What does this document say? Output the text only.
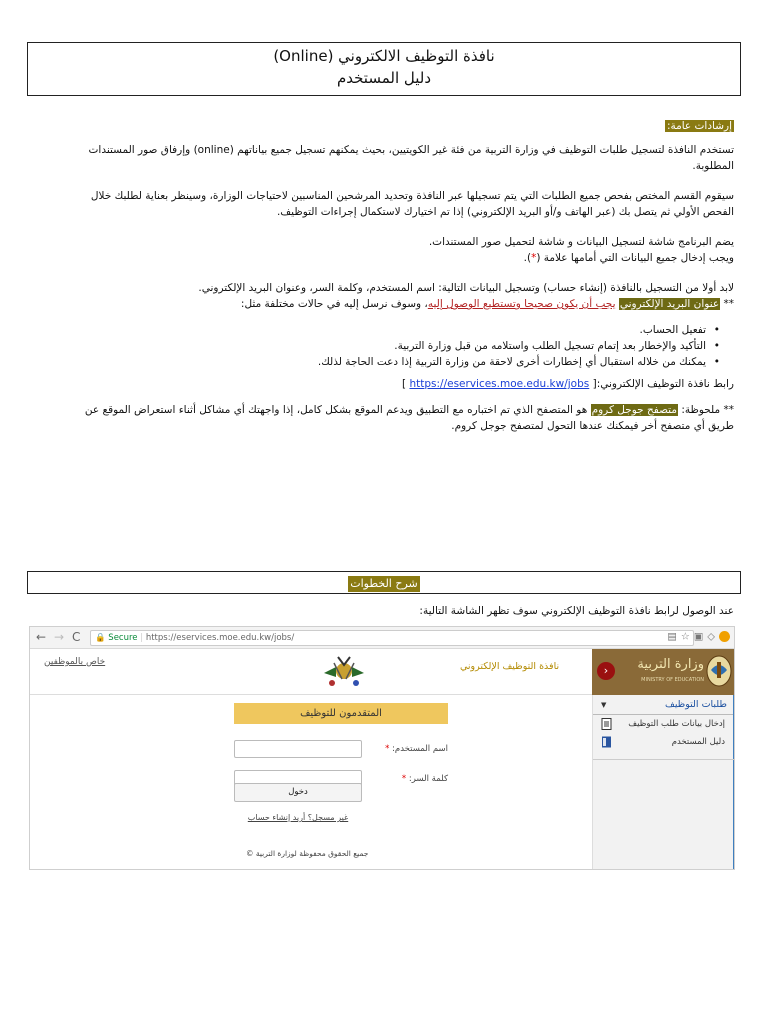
نافذة التوظيف الالكتروني (Online)
دليل المستخدم
إرشادات عامة:
تستخدم النافذة لتسجيل طلبات التوظيف في وزارة التربية من فئة غير الكويتيين، بحيث يمكنهم تسجيل جميع بياناتهم (online) وإرفاق صور المستندات المطلوبة.
سيقوم القسم المختص بفحص جميع الطلبات التي يتم تسجيلها عبر النافذة وتحديد المرشحين المناسبين لاحتياجات الوزارة، وسينظر بعناية لطلبك خلال الفحص الأولي ثم يتصل بك (عبر الهاتف و/أو البريد الإلكتروني) إذا تم اختيارك لاستكمال إجراءات التوظيف.
يضم البرنامج شاشة لتسجيل البيانات و شاشة لتحميل صور المستندات.
ويجب إدخال جميع البيانات التي أمامها علامة (*).
لابد أولا من التسجيل بالنافذة (إنشاء حساب) وتسجيل البيانات التالية: اسم المستخدم، وكلمة السر، وعنوان البريد الإلكتروني.
** عنوان البريد الإلكتروني يجب أن يكون صحيحا وتستطيع الوصول إليه، وسوف نرسل إليه في حالات مختلفة مثل:
• تفعيل الحساب.
• التأكيد والإخطار بعد إتمام تسجيل الطلب واستلامه من قبل وزارة التربية.
• يمكنك من خلاله استقبال أي إخطارات أخرى لاحقة من وزارة التربية إذا دعت الحاجة لذلك.
رابط نافذة التوظيف الإلكتروني:[ https://eservices.moe.edu.kw/jobs ]
** ملحوظة: متصفح جوجل كروم هو المتصفح الذي تم اختباره مع التطبيق ويدعم الموقع بشكل كامل، إذا واجهتك أي مشاكل أثناء استعراض الموقع عن طريق أي متصفح أخر فيمكنك عندها التحول لمتصفح جوجل كروم.
شرح الخطوات
عند الوصول لرابط نافذة التوظيف الإلكتروني سوف تظهر الشاشة التالية:
← → C	🔒 Secure | https://eservices.moe.edu.kw/jobs/	▤☆▣◇
خاص بالموظفين	نافذة التوظيف الإلكتروني	›	وزارة التربية
MINISTRY OF EDUCATION
طلبات التوظيف
▼
إدخال بيانات طلب التوظيف
دليل المستخدم
المتقدمون للتوظيف
اسم المستخدم: *
كلمة السر: *
دخول
غير مسجل؟ أريد إنشاء حساب
جميع الحقوق محفوظة لوزارة التربية ©
